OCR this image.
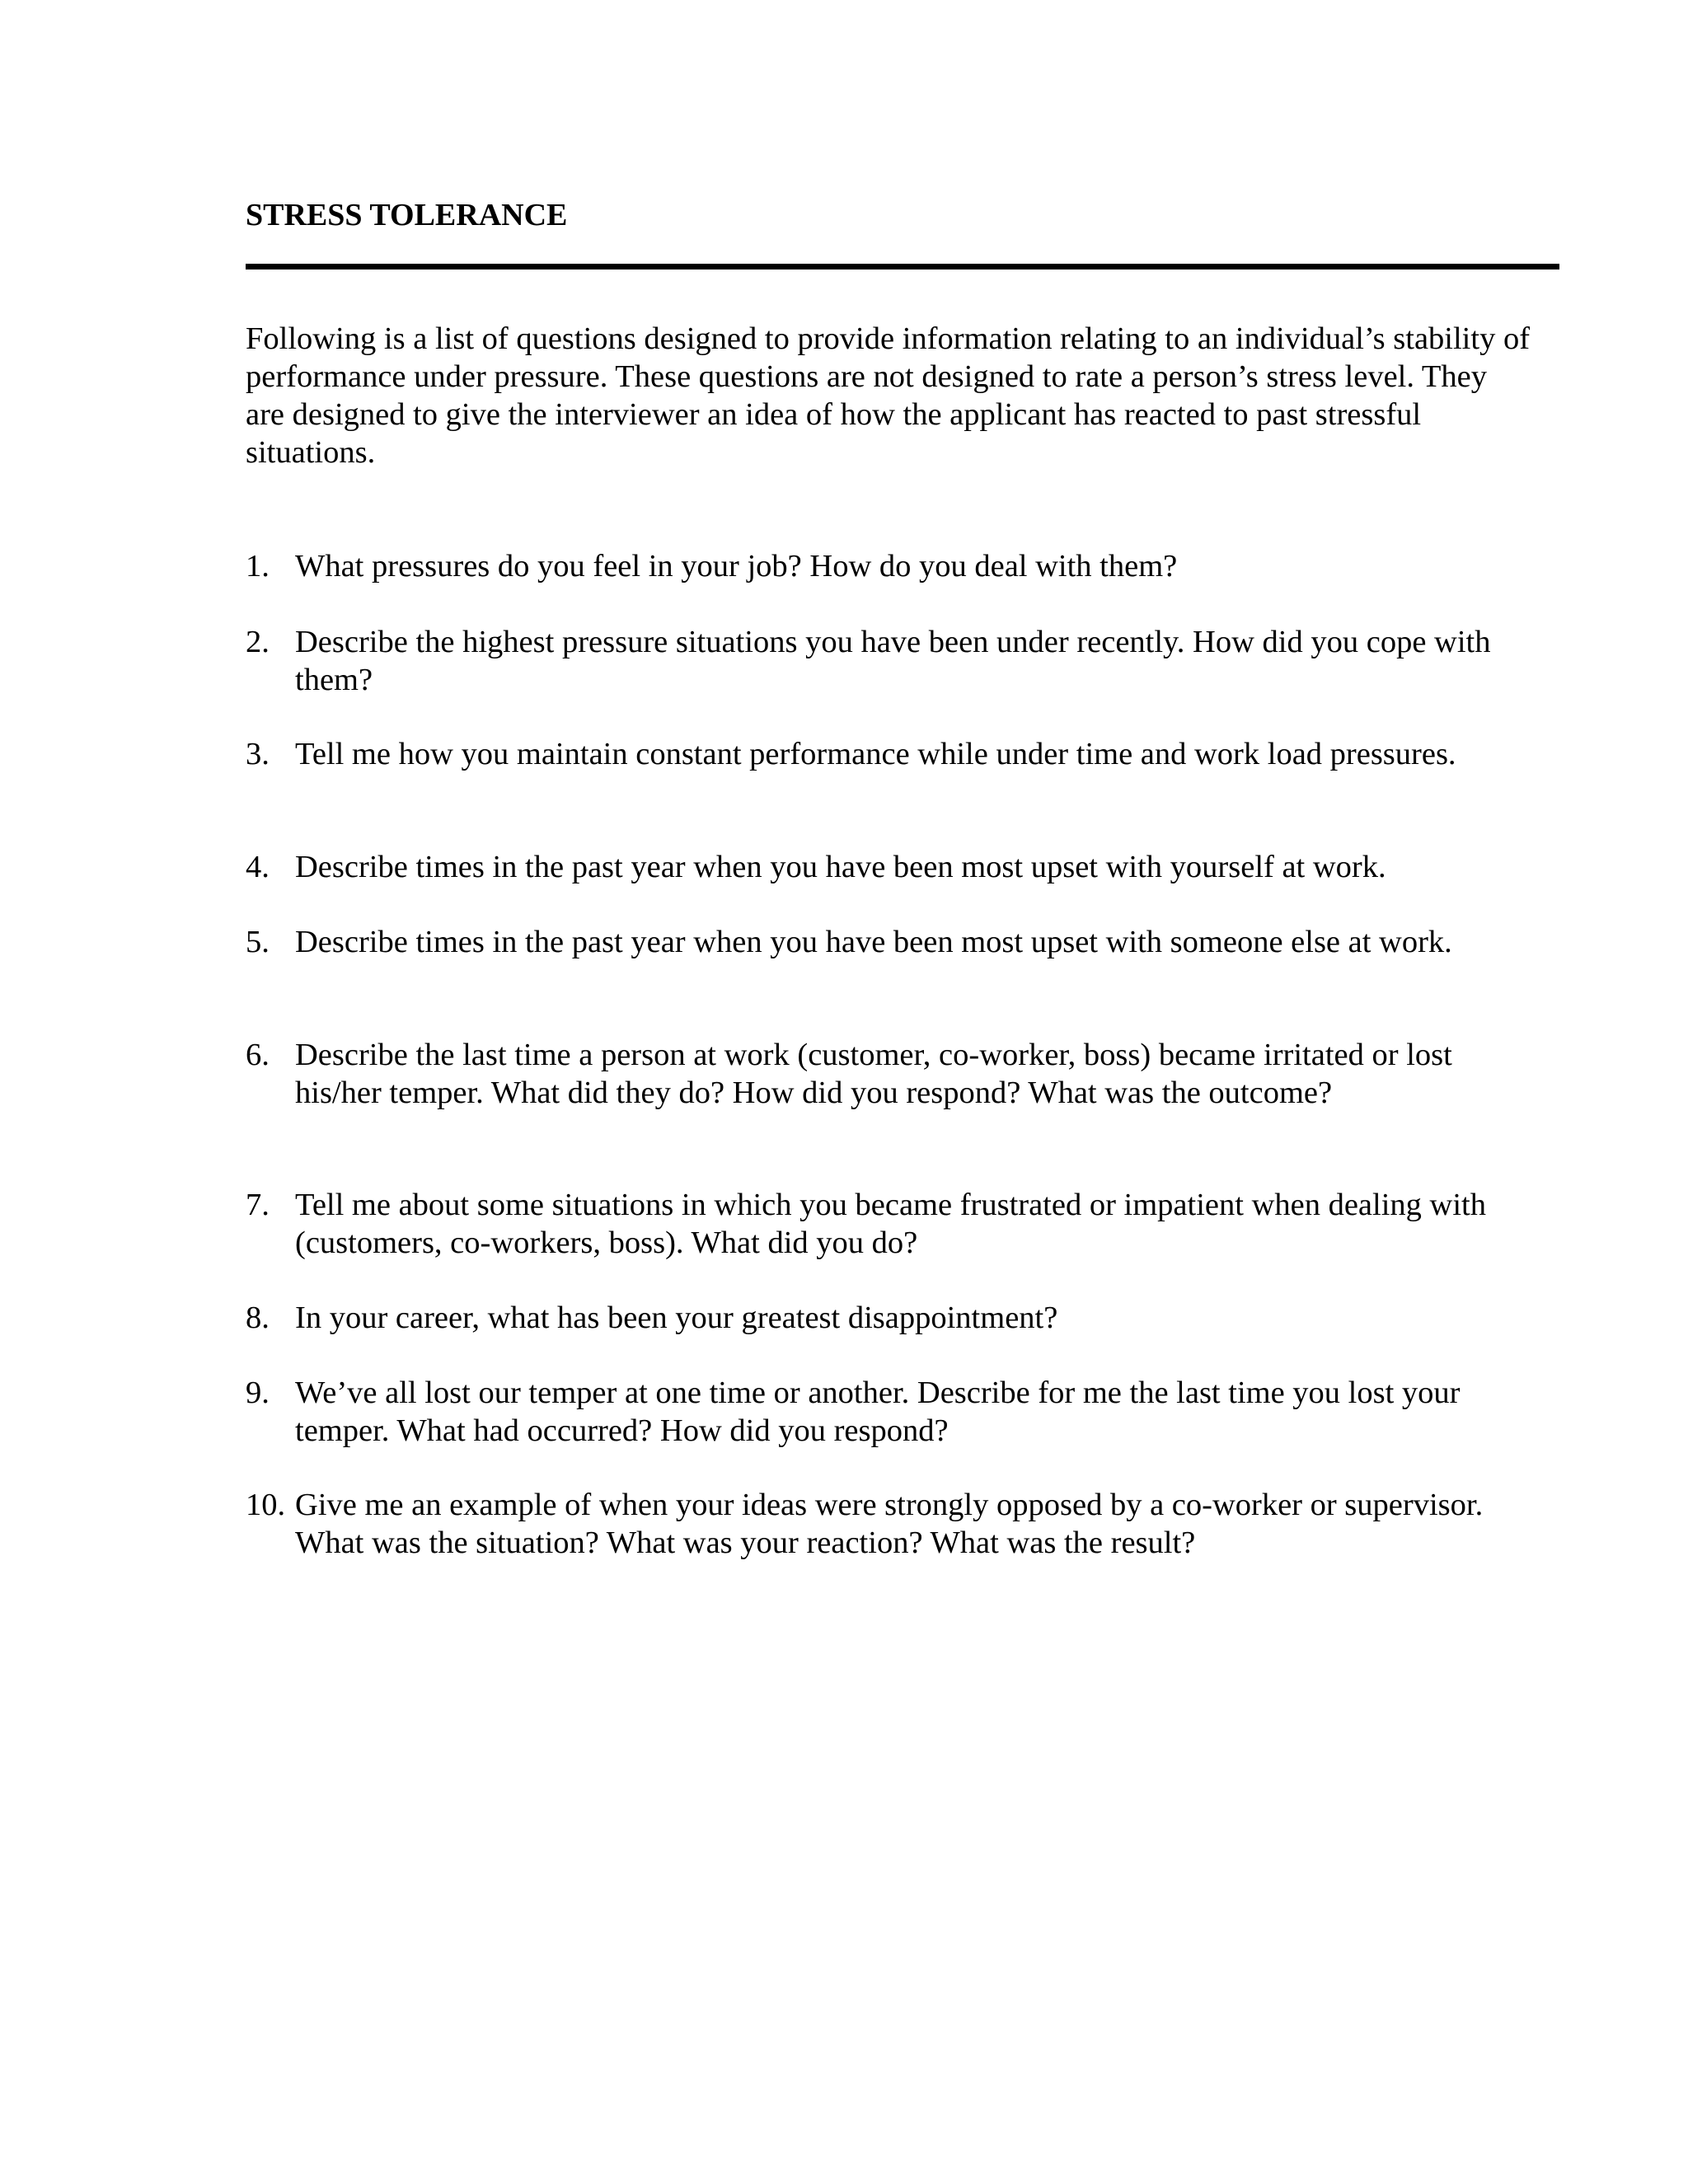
STRESS TOLERANCE

Following is a list of questions designed to provide information relating to an individual’s stability of performance under pressure. These questions are not designed to rate a person’s stress level. They are designed to give the interviewer an idea of how the applicant has reacted to past stressful situations.

1. What pressures do you feel in your job? How do you deal with them?
2. Describe the highest pressure situations you have been under recently. How did you cope with them?
3. Tell me how you maintain constant performance while under time and work load pressures.
4. Describe times in the past year when you have been most upset with yourself at work.
5. Describe times in the past year when you have been most upset with someone else at work.
6. Describe the last time a person at work (customer, co-worker, boss) became irritated or lost his/her temper. What did they do? How did you respond? What was the outcome?
7. Tell me about some situations in which you became frustrated or impatient when dealing with (customers, co-workers, boss). What did you do?
8. In your career, what has been your greatest disappointment?
9. We’ve all lost our temper at one time or another. Describe for me the last time you lost your temper. What had occurred? How did you respond?
10. Give me an example of when your ideas were strongly opposed by a co-worker or supervisor. What was the situation? What was your reaction? What was the result?
